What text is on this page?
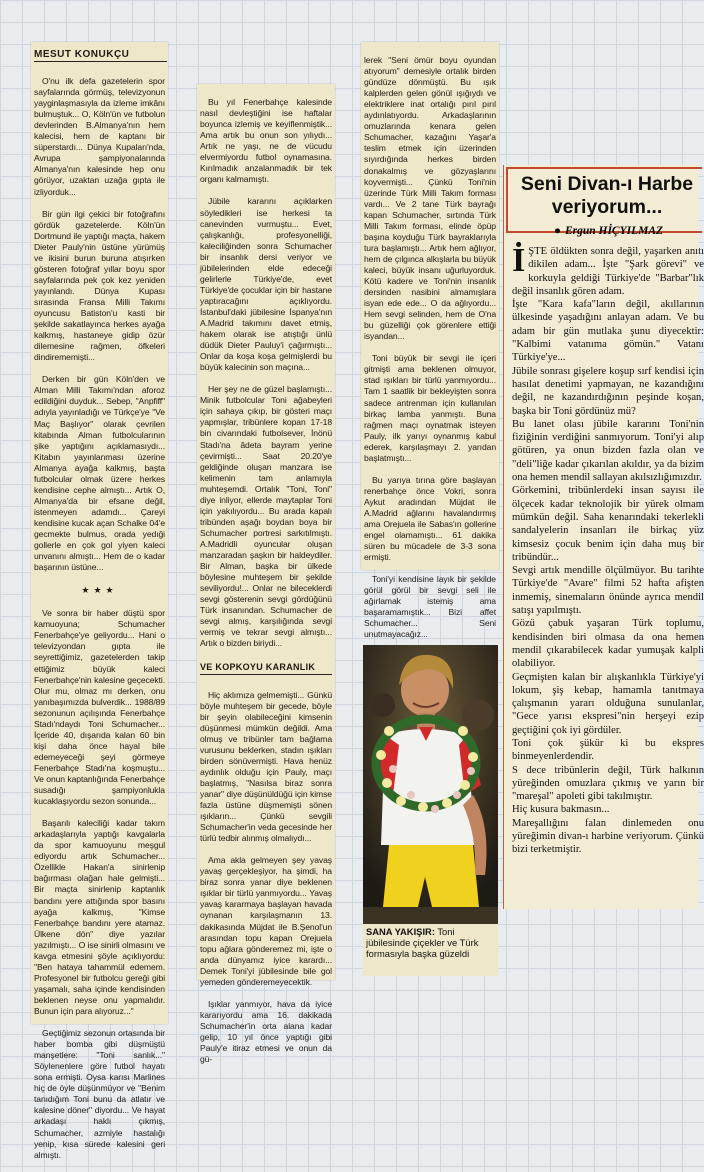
MESUT KONUKÇU

O'nu ilk defa gazetelerin spor sayfalarında görmüş, televizyonun yayginlaşmasıyla da izleme imkânı bulmuştuk... O, Köln'ün ve futbolun devlerinden B.Almanya'nın hem kalecisi, hem de kaptanı bir süperstardı... Dünya Kupaları'nda, Avrupa şampiyonalarında Almanya'nın kalesinde hep onu görüyor, uzaktan uzağa gıpta ile izliyorduk...

Bir gün ilgi çekici bir fotoğrafını gördük gazetelerde. Köln'ün Dortmund ile yaptığı maçta, hakem Dieter Pauly'nin üstüne yürümüş ve ikisini burun buruna atışırken gösteren fotoğraf yıllar boyu spor sayfalarında pek çok kez yeniden yayınlandı. Dünya Kupası sırasında Fransa Milli Takımı oyuncusu Batiston'u kasti bir şekilde sakatlayınca herkes ayağa kalkmış, hastaneye gidip özür dilemesine rağmen, öfkeleri dindirememişti...

Derken bir gün Köln'den ve Alman Milli Takımı'ndan aforoz edildiğini duyduk... Sebep, "Anpfiff" adıyla yayınladığı ve Türkçe'ye "Ve Maç Başlıyor" olarak çevrilen kitabında Alman futbolcularının şike yaptığını açıklamasıydı... Kitabın yayınlanması üzerine Almanya ayağa kalkmış, başta futbolcular olmak üzere herkes kendisine cephe almıştı... Artık O, Almanya'da bir efsane değil, istenmeyen adamdı... Çareyi kendisine kucak açan Schalke 04'e gecmekte bulmus, orada yedıği gollerle en çok gol yiyen kaleci unvanını almıştı... Hem de o kadar başarının üstüne...

★★★

Ve sonra bir haber düştü spor kamuoyuna; Schumacher Fenerbahçe'ye geliyordu... Hani o televizyondan gıpta ile seyrettiğimiz, gazetelerden takip ettiğimiz büyük kaleci Fenerbahçe'nin kalesine geçecekti. Olur mu, olmaz mı derken, onu yanıbaşımızda bulverdik... 1988/89 sezonunun açılışında Fenerbahçe Stadı'ndaydı Toni Schumacher... İçeride 40, dışarıda kalan 60 bin kişi daha önce hayal bile edemeyeceği şeyi görmeye Fenerbahçe Stadı'na koşmuştu... Ve onun kaptanlığında Fenerbahçe susadığı şampiyonlukla kucaklaşıyordu sezon sonunda...

Başarılı kaleciliği kadar takım arkadaşlarıyla yaptığı kavgalarla da spor kamuoyunu meşgul ediyordu artık Schumacher... Özellikle Hakan'a sinirlenip bağırması olağan hale gelmişti... Bir maçta sinirlenip kaptanlık bandını yere attığında spor basını ayağa kalkmış, "Kimse Fenerbahçe bandını yere atamaz. Ülkene dön" diye yazılar yazılmıştı... O ise sinirli olmasını ve kavga etmesini şöyle açıklıyordu: "Ben hataya tahammül edemem. Profesyonel bir futbolcu gereği gibi yaşamalı, saha içinde kendisinden beklenen neyse onu yapmalıdır. Bunun için para alıyoruz..."

Geçtiğimiz sezonun ortasında bir haber bomba gibi düşmüştü manşetlere: "Toni sanlık..." Söylenenlere göre futbol hayatı sona ermişti. Oysa karısı Marlines hiç de öyle düşünmüyor ve "Benim tanıdığım Toni bunu da atlatır ve kalesine döner" diyordu... Ve hayat arkadaşı haklı çıkmış, Schumacher, azmiyle hastalığı yenip, kısa sürede kalesini geri almıştı.

Bu yıl Fenerbahçe kalesinde nasıl devleştiğini ise haftalar boyunca izlemiş ve keyiflenmiştik... Ama artık bu onun son yılıydı... Artık ne yaşı, ne de vücudu elvermiyordu futbol oynamasına. Kırılmadık anzalanmadık bir tek organı kalmamıştı.

Jübile kararını açıklarken söyledikleri ise herkesi ta canevinden vurmuştu... Evet, çalışkanlığı, profesyonelliği, kaleciliğinden sonra Schumacher bir insanlık dersi veriyor ve jübilelerinden elde edeceği gelirlerle Türkiye'de, evet Türkiye'de çocuklar için bir hastane yaptıracağını açıklıyordu. İstanbul'daki jübilesine İspanya'nın A.Madrid takımını davet etmiş, hakem olarak ise atıştığı ünlü düdük Dieter Pauluy'i çağırmıştı... Onlar da koşa koşa gelmişlerdi bu büyük kalecinin son maçına...

Her şey ne de güzel başlamıştı... Minik futbolcular Toni ağabeyleri için sahaya çıkıp, bir gösteri maçı yapmışlar, tribünlere kopan 17-18 bin civarındaki futbolsever, İnönü Stadı'na âdeta bayram yerine çevirmişti... Saat 20.20'ye geldiğinde oluşan manzara ise kelimenin tam anlamıyla muhteşemdi. Ortalık "Toni, Toni" diye inliyor, ellerde maytaplar Toni için yakılıyordu... Bu arada kapalı tribünden aşağı boydan boya bir Schumacher portresi sarkıtılmıştı. A.Madridli oyuncular oluşan manzaradan şaşkın bir haldeydiler. Bir Alman, başka bir ülkede böylesine muhteşem bir şekilde seviliyordu!... Onlar ne bileceklerdi sevgi gösterenin sevgi gördüğünü Türk insanından. Schumacher de sevgi almış, karşılığında sevgi vermiş ve tekrar sevgi almıştı... Artık o bizden biriydi...

VE KOPKOYU KARANLIK

Hiç aklımıza gelmemişti... Günkü böyle muhteşem bir gecede, böyle bir şeyin olabileceğini kimsenin düşünmesi mümkün değildi. Ama olmuş ve tribünler tam bağlama vurusunu beklerken, stadın ışıkları birden sönüvermişti. Hava henüz aydınlık olduğu için Pauly, maçı başlatmış, "Nasılsa biraz sonra yanar" diye düşünüldüğü için kimse fazla üstüne düşmemişti sönen ışıkların... Çünkü sevgili Schumacher'in veda gecesinde her türlü tedbir alınmış olmalıydı...

Ama akla gelmeyen şey yavaş yavaş gerçekleşiyor, ha şimdi, ha biraz sonra yanar diye beklenen ışıklar bir türlü yanmıyordu... Yavaş yavaş kararmaya başlayan havada oynanan karşılaşmanın 13. dakikasında Müjdat ile B.Şenol'un arasından topu kapan Orejuela topu ağlara gönderemez mi, işte o anda dünyamız iyice karardı... Demek Toni'yi jübilesinde bile gol yemeden gönderemeyecektik.

Işıklar yanmıyor, hava da iyice kararıyordu ama 16. dakikada Schumacher'in orta alana kadar gelip, 10 yıl önce yaptığı gibi Pauly'e itiraz etmesi ve onun da gü-

lerek "Seni ömür boyu oyundan atıyorum" demesiyle ortalık birden gündüze dönmüştü. Bu ışık kalplerden gelen gönül ışığıydı ve elektriklere inat ortalığı pırıl pırıl aydınlatıyordu. Arkadaşlarının omuzlarında kenara gelen Schumacher, kazağını Yaşar'a teslim etmek için üzerinden sıyırdığında herkes birden donakalmış ve gözyaşlarını koyvermişti... Çünkü Toni'nin üzerinde Türk Milli Takım forması vardı... Ve 2 tane Türk bayrağı kapan Schumacher, sırtında Türk Milli Takım forması, elinde öpüp başına koyduğu Türk bayraklarıyla tura başlamıştı... Artık hem ağlıyor, hem de çılgınca alkışlarla bu büyük kaleci, büyük insanı uğurluyorduk. Kötü kadere ve Toni'nin insanlık dersinden nasibini almamışlara isyan ede ede... O da ağlıyordu... Hem sevgi selinden, hem de O'na bu güzelliği çok görenlere ettiği isyandan...

Toni büyük bir sevgi ile içeri gitmişti ama beklenen olmuyor, stad ışıkları bir türlü yanmıyordu... Tam 1 saatlik bir bekleyişten sonra sadece antrenman için kullanılan birkaç lamba yanmıştı. Buna rağmen maçı oynatmak isteyen Pauly, ilk yarıyı oynanmış kabul ederek, karşılaşmayı 2. yarıdan başlatmıştı...

Bu yarıya tırına göre başlayan renerbahçe önce Vokri, sonra Aykut aradından Müjdat ile A.Madrid ağlarını havalandırmış ama Orejuela ile Sabas'ın gollerine engel olamamıştı... 61 dakika süren bu mücadele de 3-3 sona ermişti.

Toni'yi kendisine layık bir şekilde görül görül bir sevgi seli ile ağırlamak istemiş ama başaramamıştık... Bizi affet Schumacher... Seni unutmayacağız...

SANA YAKIŞIR: Toni jübilesinde çiçekler ve Türk formasıyla başka güzeldi
Seni Divan-ı Harbe veriyorum...
● Ergun HİÇYILMAZ
İŞTE öldükten sonra değil, yaşarken anıtı dikilen adam... İşte "Şark görevi" ve korkuyla geldiği Türkiye'de "Barbar"lık değil insanlık gören adam.
İşte "Kara kafa"ların değil, akıllarının ülkesinde yaşadığını anlayan adam. Ve bu adam bir gün mutlaka şunu diyecektir: "Kalbimi vatanıma gömün." Vatanı Türkiye'ye...
Jübile sonrası gişelere koşup sırf kendisi için hasılat denetimi yapmayan, ne kazandığını değil, ne kazandırdığının peşinde koşan, başka bir Toni gördünüz mü?
Bu lanet olası jübile kararını Toni'nin fiziğinin verdiğini sanmıyorum. Toni'yi alıp götüren, ya onun bizden fazla olan ve "deli"liğe kadar çıkarılan akıldır, ya da bizim ona hemen mendil sallayan akılsızlığımızdır.
Görkemini, tribünlerdeki insan sayısı ile ölçecek kadar teknolojik bir yürek olmam mümkün değil. Saha kenarındaki tekerlekli sandalyelerin insanları ile birkaç yüz kimsesiz çocuk benim için daha muş bir tribündür...
Sevgi artık mendille ölçülmüyor. Bu tarihte Türkiye'de "Avare" filmi 52 hafta afişten inmemiş, sinemaların önünde ayrıca mendil satışı yapılmıştı.
Gözü çabuk yaşaran Türk toplumu, kendisinden biri olmasa da ona hemen mendil çıkarabilecek kadar yumuşak kalpli olabiliyor.
Geçmişten kalan bir alışkanlıkla Türkiye'yi lokum, şiş kebap, hamamla tanıtmaya çalışmanın yararı olduğuna sunulanlar, "Gece yarısı ekspresi"nin herşeyi ezip geçtiğini çok iyi gördüler.
Toni çok şükür ki bu ekspres binmeyenlerdendir.
S dece tribünlerin değil, Türk halkının yüreğinden omuzlara çıkmış ve yarın bir "mareşal" apoleti gibi takılmıştır.
Hiç kusura bakmasın...
Mareşallığını falan dinlemeden onu yüreğimin divan-ı harbine veriyorum. Çünkü bizi terketmiştir.
